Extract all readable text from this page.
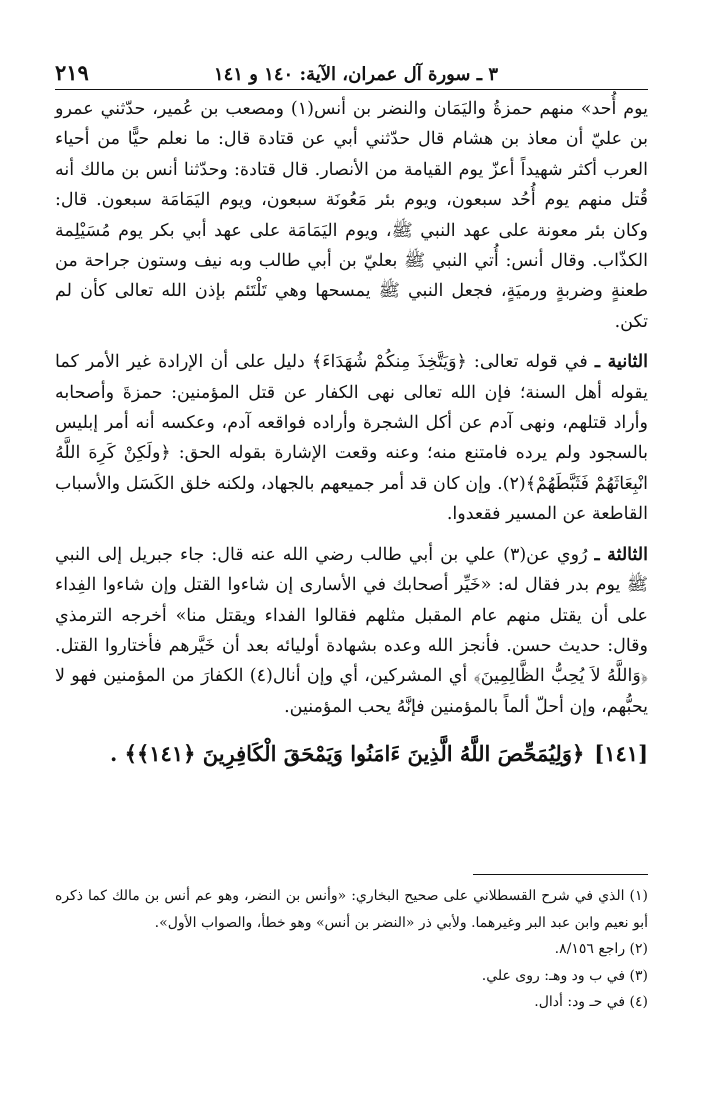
٢١٩	٣ ـ سورة آل عمران، الآية: ١٤٠ و ١٤١

يوم أُحد» منهم حمزةُ واليَمَان والنضر بن أنس(١) ومصعب بن عُمير، حدّثني عمرو بن عليّ أن معاذ بن هشام قال حدّثني أبي عن قتادة قال: ما نعلم حيًّا من أحياء العرب أكثر شهيداً أعزّ يوم القيامة من الأنصار. قال قتادة: وحدّثنا أنس بن مالك أنه قُتل منهم يوم أُحُد سبعون، ويوم بئر مَعُونَة سبعون، ويوم اليَمَامَة سبعون. قال: وكان بئر معونة على عهد النبي ﷺ، ويوم اليَمَامَة على عهد أبي بكر يوم مُسَيْلِمة الكذّاب. وقال أنس: أُتي النبي ﷺ بعليّ بن أبي طالب وبه نيف وستون جراحة من طعنةٍ وضربةٍ ورميَةٍ، فجعل النبي ﷺ يمسحها وهي تَلْتَئم بإذن الله تعالى كأن لم تكن.

الثانية ـ في قوله تعالى: ﴿وَيَتَّخِذَ مِنكُمْ شُهَدَاءَ﴾ دليل على أن الإرادة غير الأمر كما يقوله أهل السنة؛ فإن الله تعالى نهى الكفار عن قتل المؤمنين: حمزةَ وأصحابه وأراد قتلهم، ونهى آدم عن أكل الشجرة وأراده فواقعه آدم، وعكسه أنه أمر إبليس بالسجود ولم يرده فامتنع منه؛ وعنه وقعت الإشارة بقوله الحق: ﴿ولَكِنْ كَرِهَ اللَّهُ انْبِعَاثَهُمْ فَثَبَّطَهُمْ﴾(٢). وإن كان قد أمر جميعهم بالجهاد، ولكنه خلق الكَسَل والأسباب القاطعة عن المسير فقعدوا.

الثالثة ـ رُوي عن(٣) علي بن أبي طالب رضي الله عنه قال: جاء جبريل إلى النبي ﷺ يوم بدر فقال له: «خَيِّر أصحابك في الأسارى إن شاءوا القتل وإن شاءوا الفِداء على أن يقتل منهم عام المقبل مثلهم فقالوا الفداء ويقتل منا» أخرجه الترمذي وقال: حديث حسن. فأنجز الله وعده بشهادة أوليائه بعد أن خَيَّرهم فأختاروا القتل. ﴿وَاللَّهُ لاَ يُحِبُّ الظَّالِمِينَ﴾ أي المشركين، أي وإن أنال(٤) الكفارَ من المؤمنين فهو لا يحبُّهم، وإن أحلّ ألماً بالمؤمنين فإنَّهُ يحب المؤمنين.

[١٤١]﴿وَلِيُمَحِّصَ اللَّهُ الَّذِينَ ءَامَنُوا وَيَمْحَقَ الْكَافِرِينَ ﴿١٤١﴾﴾ .

(١) الذي في شرح القسطلاني على صحيح البخاري: «وأنس بن النضر، وهو عم أنس بن مالك كما ذكره أبو نعيم وابن عبد البر وغيرهما. ولأبي ذر «النضر بن أنس» وهو خطأ، والصواب الأول».

(٢) راجع ٨/١٥٦.

(٣) في ب ود وهـ: روى علي.

(٤) في حـ ود: أدال.
